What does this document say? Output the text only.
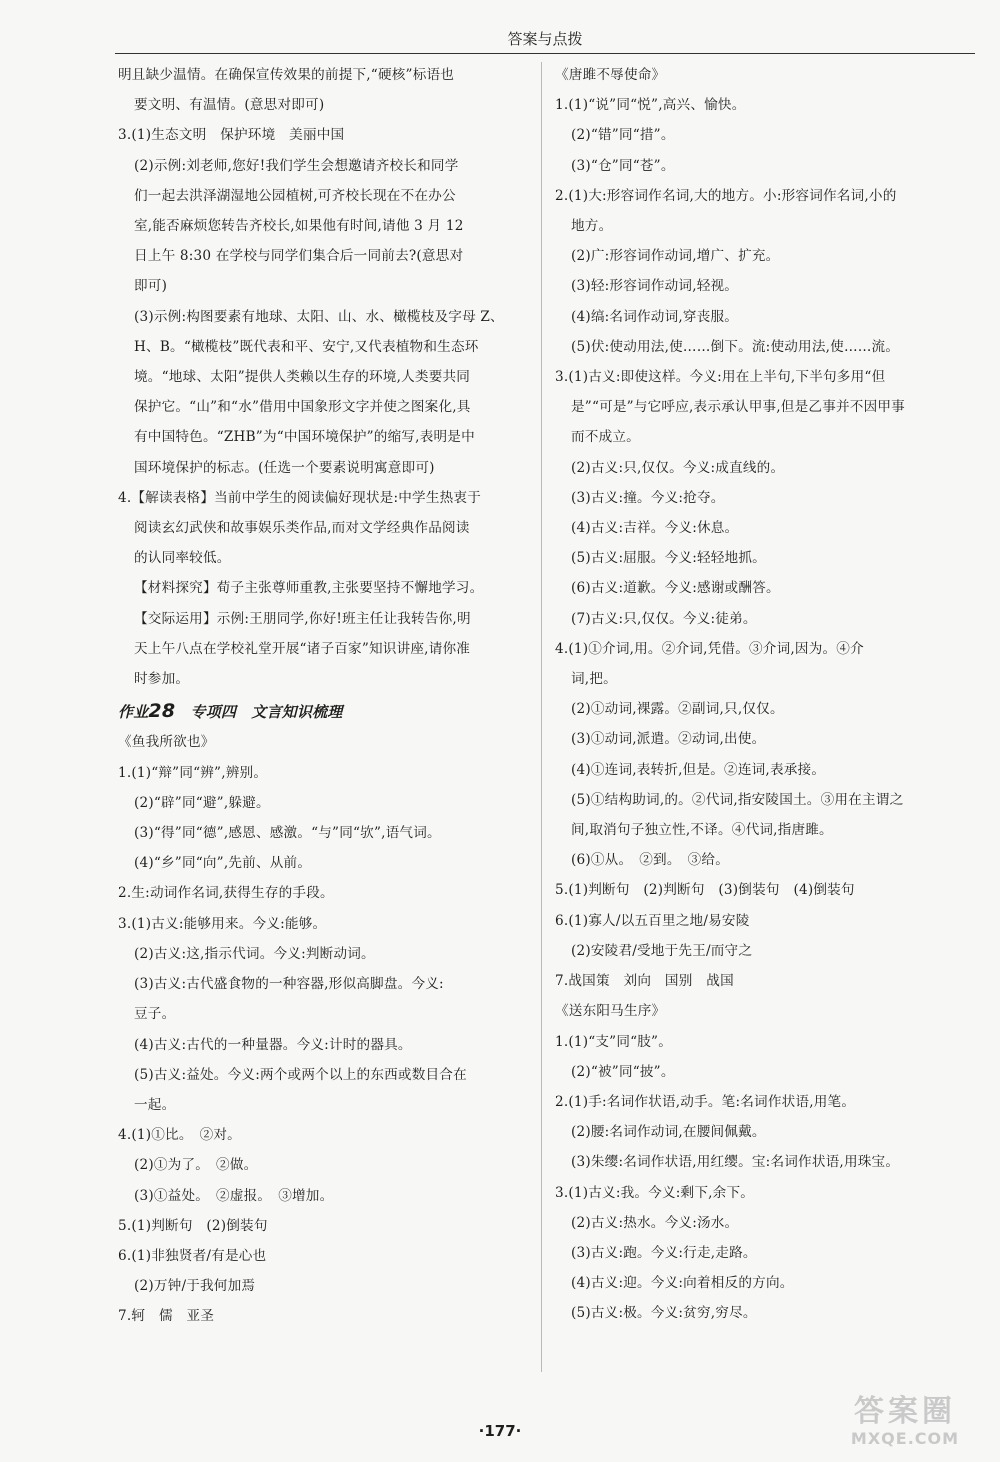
答案与点拨
明且缺少温情。在确保宣传效果的前提下,“硬核”标语也
要文明、有温情。(意思对即可)
3.(1)生态文明　保护环境　美丽中国
(2)示例:刘老师,您好!我们学生会想邀请齐校长和同学
们一起去洪泽湖湿地公园植树,可齐校长现在不在办公
室,能否麻烦您转告齐校长,如果他有时间,请他 3 月 12
日上午 8:30 在学校与同学们集合后一同前去?(意思对
即可)
(3)示例:构图要素有地球、太阳、山、水、橄榄枝及字母 Z、
H、B。“橄榄枝”既代表和平、安宁,又代表植物和生态环
境。“地球、太阳”提供人类赖以生存的环境,人类要共同
保护它。“山”和“水”借用中国象形文字并使之图案化,具
有中国特色。“ZHB”为“中国环境保护”的缩写,表明是中
国环境保护的标志。(任选一个要素说明寓意即可)
4.【解读表格】当前中学生的阅读偏好现状是:中学生热衷于
阅读玄幻武侠和故事娱乐类作品,而对文学经典作品阅读
的认同率较低。
【材料探究】荀子主张尊师重教,主张要坚持不懈地学习。
【交际运用】示例:王朋同学,你好!班主任让我转告你,明
天上午八点在学校礼堂开展“诸子百家”知识讲座,请你准
时参加。
作业28　专项四　文言知识梳理
《鱼我所欲也》
1.(1)“辩”同“辨”,辨别。
(2)“辟”同“避”,躲避。
(3)“得”同“德”,感恩、感激。“与”同“欤”,语气词。
(4)“乡”同“向”,先前、从前。
2.生:动词作名词,获得生存的手段。
3.(1)古义:能够用来。今义:能够。
(2)古义:这,指示代词。今义:判断动词。
(3)古义:古代盛食物的一种容器,形似高脚盘。今义:
豆子。
(4)古义:古代的一种量器。今义:计时的器具。
(5)古义:益处。今义:两个或两个以上的东西或数目合在
一起。
4.(1)①比。　②对。
(2)①为了。　②做。
(3)①益处。　②虚报。　③增加。
5.(1)判断句　(2)倒装句
6.(1)非独贤者/有是心也
(2)万钟/于我何加焉
7.轲　儒　亚圣
《唐雎不辱使命》
1.(1)“说”同“悦”,高兴、愉快。
(2)“错”同“措”。
(3)“仓”同“苍”。
2.(1)大:形容词作名词,大的地方。小:形容词作名词,小的
地方。
(2)广:形容词作动词,增广、扩充。
(3)轻:形容词作动词,轻视。
(4)缟:名词作动词,穿丧服。
(5)伏:使动用法,使……倒下。流:使动用法,使……流。
3.(1)古义:即使这样。今义:用在上半句,下半句多用“但
是”“可是”与它呼应,表示承认甲事,但是乙事并不因甲事
而不成立。
(2)古义:只,仅仅。今义:成直线的。
(3)古义:撞。今义:抢夺。
(4)古义:吉祥。今义:休息。
(5)古义:屈服。今义:轻轻地抓。
(6)古义:道歉。今义:感谢或酬答。
(7)古义:只,仅仅。今义:徒弟。
4.(1)①介词,用。②介词,凭借。③介词,因为。④介
词,把。
(2)①动词,裸露。②副词,只,仅仅。
(3)①动词,派遣。②动词,出使。
(4)①连词,表转折,但是。②连词,表承接。
(5)①结构助词,的。②代词,指安陵国土。③用在主谓之
间,取消句子独立性,不译。④代词,指唐雎。
(6)①从。　②到。　③给。
5.(1)判断句　(2)判断句　(3)倒装句　(4)倒装句
6.(1)寡人/以五百里之地/易安陵
(2)安陵君/受地于先王/而守之
7.战国策　刘向　国别　战国
《送东阳马生序》
1.(1)“支”同“肢”。
(2)“被”同“披”。
2.(1)手:名词作状语,动手。笔:名词作状语,用笔。
(2)腰:名词作动词,在腰间佩戴。
(3)朱缨:名词作状语,用红缨。宝:名词作状语,用珠宝。
3.(1)古义:我。今义:剩下,余下。
(2)古义:热水。今义:汤水。
(3)古义:跑。今义:行走,走路。
(4)古义:迎。今义:向着相反的方向。
(5)古义:极。今义:贫穷,穷尽。
·177·
答案圈
MXQE.COM
